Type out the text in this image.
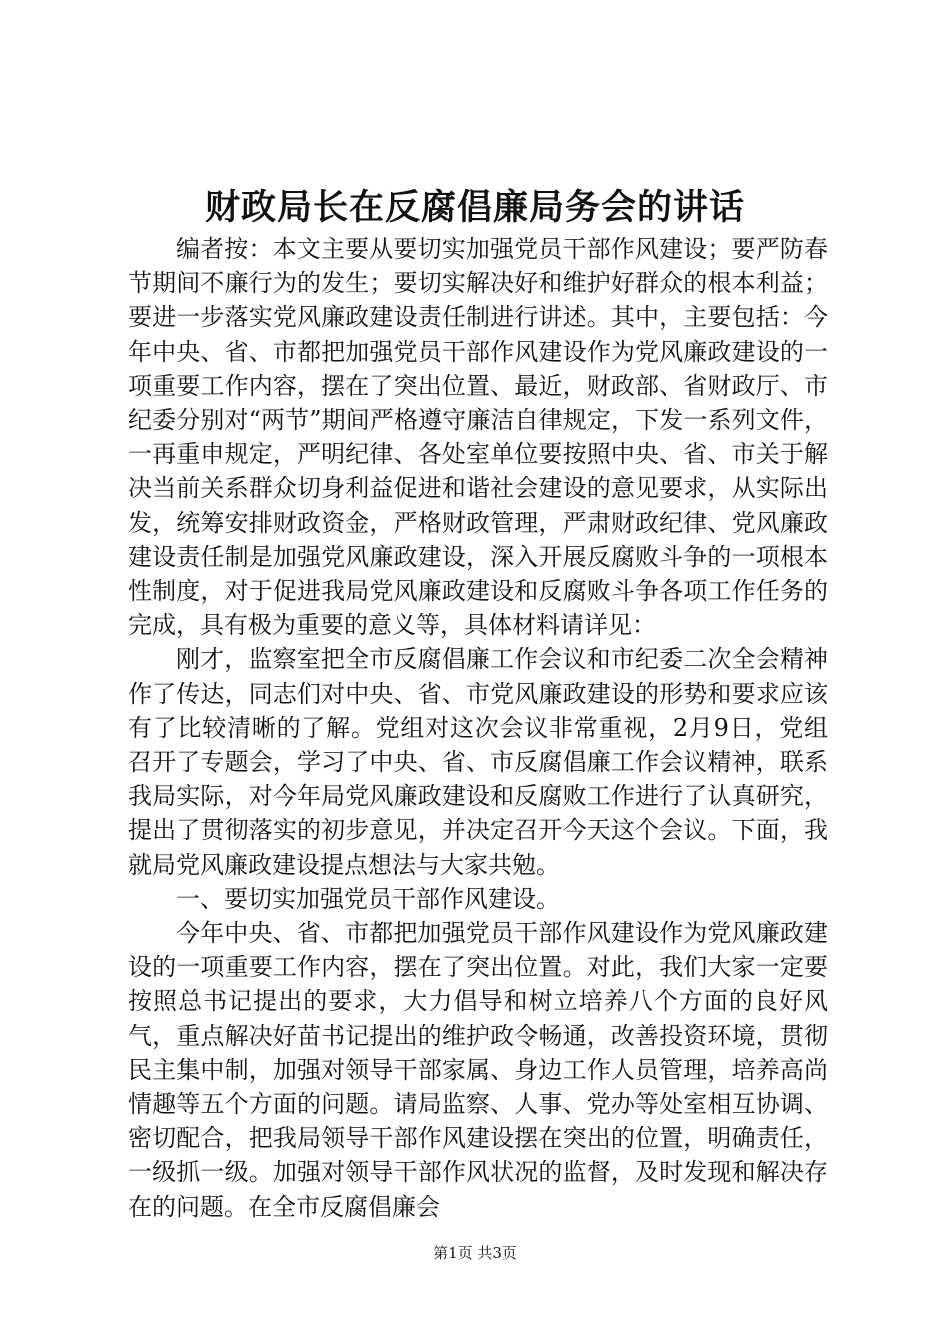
财政局长在反腐倡廉局务会的讲话

编者按：本文主要从要切实加强党员干部作风建设；要严防春节期间不廉行为的发生；要切实解决好和维护好群众的根本利益；要进一步落实党风廉政建设责任制进行讲述。其中，主要包括：今年中央、省、市都把加强党员干部作风建设作为党风廉政建设的一项重要工作内容，摆在了突出位置、最近，财政部、省财政厅、市纪委分别对“两节”期间严格遵守廉洁自律规定，下发一系列文件，一再重申规定，严明纪律、各处室单位要按照中央、省、市关于解决当前关系群众切身利益促进和谐社会建设的意见要求，从实际出发，统筹安排财政资金，严格财政管理，严肃财政纪律、党风廉政建设责任制是加强党风廉政建设，深入开展反腐败斗争的一项根本性制度，对于促进我局党风廉政建设和反腐败斗争各项工作任务的完成，具有极为重要的意义等，具体材料请详见：

刚才，监察室把全市反腐倡廉工作会议和市纪委二次全会精神作了传达，同志们对中央、省、市党风廉政建设的形势和要求应该有了比较清晰的了解。党组对这次会议非常重视，2月9日，党组召开了专题会，学习了中央、省、市反腐倡廉工作会议精神，联系我局实际，对今年局党风廉政建设和反腐败工作进行了认真研究，提出了贯彻落实的初步意见，并决定召开今天这个会议。下面，我就局党风廉政建设提点想法与大家共勉。

一、要切实加强党员干部作风建设。

今年中央、省、市都把加强党员干部作风建设作为党风廉政建设的一项重要工作内容，摆在了突出位置。对此，我们大家一定要按照总书记提出的要求，大力倡导和树立培养八个方面的良好风气，重点解决好苗书记提出的维护政令畅通，改善投资环境，贯彻民主集中制，加强对领导干部家属、身边工作人员管理，培养高尚情趣等五个方面的问题。请局监察、人事、党办等处室相互协调、密切配合，把我局领导干部作风建设摆在突出的位置，明确责任，一级抓一级。加强对领导干部作风状况的监督，及时发现和解决存在的问题。在全市反腐倡廉会

第1页 共3页
